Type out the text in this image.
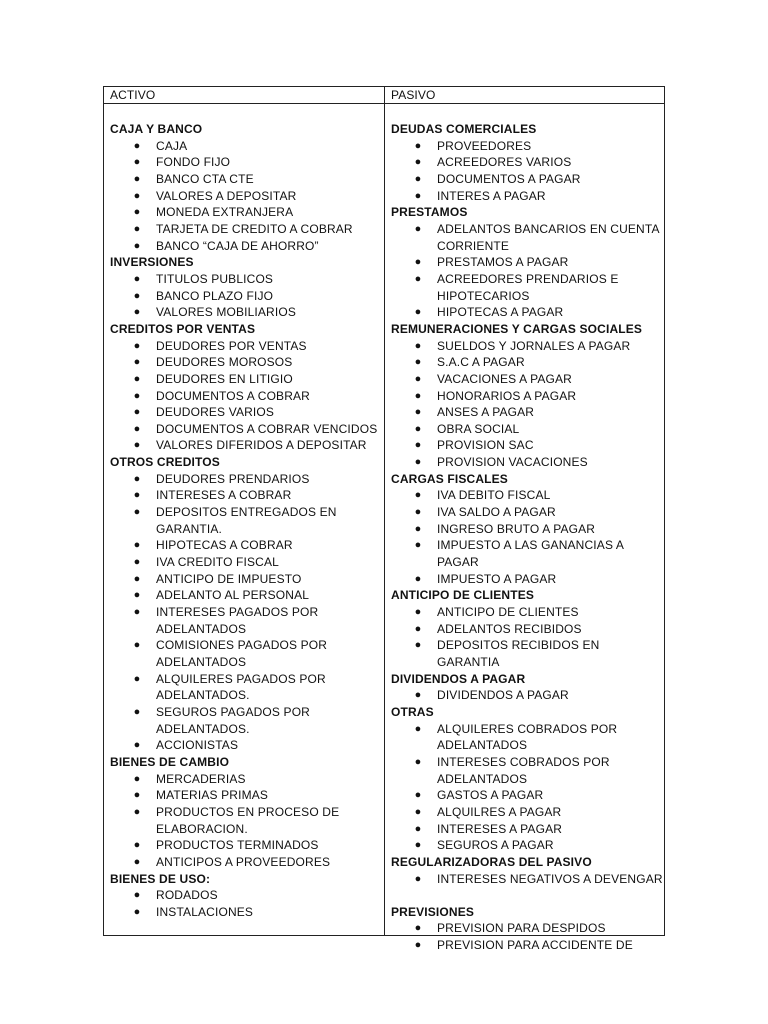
ACTIVO	PASIVO
CAJA Y BANCO
● CAJA
● FONDO FIJO
● BANCO CTA CTE
● VALORES A DEPOSITAR
● MONEDA EXTRANJERA
● TARJETA DE CREDITO A COBRAR
● BANCO “CAJA DE AHORRO”
INVERSIONES
● TITULOS PUBLICOS
● BANCO PLAZO FIJO
● VALORES MOBILIARIOS
CREDITOS POR VENTAS
● DEUDORES POR VENTAS
● DEUDORES MOROSOS
● DEUDORES EN LITIGIO
● DOCUMENTOS A COBRAR
● DEUDORES VARIOS
● DOCUMENTOS A COBRAR VENCIDOS
● VALORES DIFERIDOS A DEPOSITAR
OTROS CREDITOS
● DEUDORES PRENDARIOS
● INTERESES A COBRAR
● DEPOSITOS ENTREGADOS EN GARANTIA.
● HIPOTECAS A COBRAR
● IVA CREDITO FISCAL
● ANTICIPO DE IMPUESTO
● ADELANTO AL PERSONAL
● INTERESES PAGADOS POR ADELANTADOS
● COMISIONES PAGADOS POR ADELANTADOS
● ALQUILERES PAGADOS POR ADELANTADOS.
● SEGUROS PAGADOS POR ADELANTADOS.
● ACCIONISTAS
BIENES DE CAMBIO
● MERCADERIAS
● MATERIAS PRIMAS
● PRODUCTOS EN PROCESO DE ELABORACION.
● PRODUCTOS TERMINADOS
● ANTICIPOS A PROVEEDORES
BIENES DE USO:
● RODADOS
● INSTALACIONES
DEUDAS COMERCIALES
● PROVEEDORES
● ACREEDORES VARIOS
● DOCUMENTOS A PAGAR
● INTERES A PAGAR
PRESTAMOS
● ADELANTOS BANCARIOS EN CUENTA CORRIENTE
● PRESTAMOS A PAGAR
● ACREEDORES PRENDARIOS E HIPOTECARIOS
● HIPOTECAS A PAGAR
REMUNERACIONES Y CARGAS SOCIALES
● SUELDOS Y JORNALES A PAGAR
● S.A.C A PAGAR
● VACACIONES A PAGAR
● HONORARIOS A PAGAR
● ANSES A PAGAR
● OBRA SOCIAL
● PROVISION SAC
● PROVISION VACACIONES
CARGAS FISCALES
● IVA DEBITO FISCAL
● IVA SALDO A PAGAR
● INGRESO BRUTO A PAGAR
● IMPUESTO A LAS GANANCIAS A PAGAR
● IMPUESTO A PAGAR
ANTICIPO DE CLIENTES
● ANTICIPO DE CLIENTES
● ADELANTOS RECIBIDOS
● DEPOSITOS RECIBIDOS EN GARANTIA
DIVIDENDOS A PAGAR
● DIVIDENDOS A PAGAR
OTRAS
● ALQUILERES COBRADOS POR ADELANTADOS
● INTERESES COBRADOS POR ADELANTADOS
● GASTOS A PAGAR
● ALQUILRES A PAGAR
● INTERESES A PAGAR
● SEGUROS A PAGAR
REGULARIZADORAS DEL PASIVO
● INTERESES NEGATIVOS A DEVENGAR
PREVISIONES
● PREVISION PARA DESPIDOS
● PREVISION PARA ACCIDENTE DE
